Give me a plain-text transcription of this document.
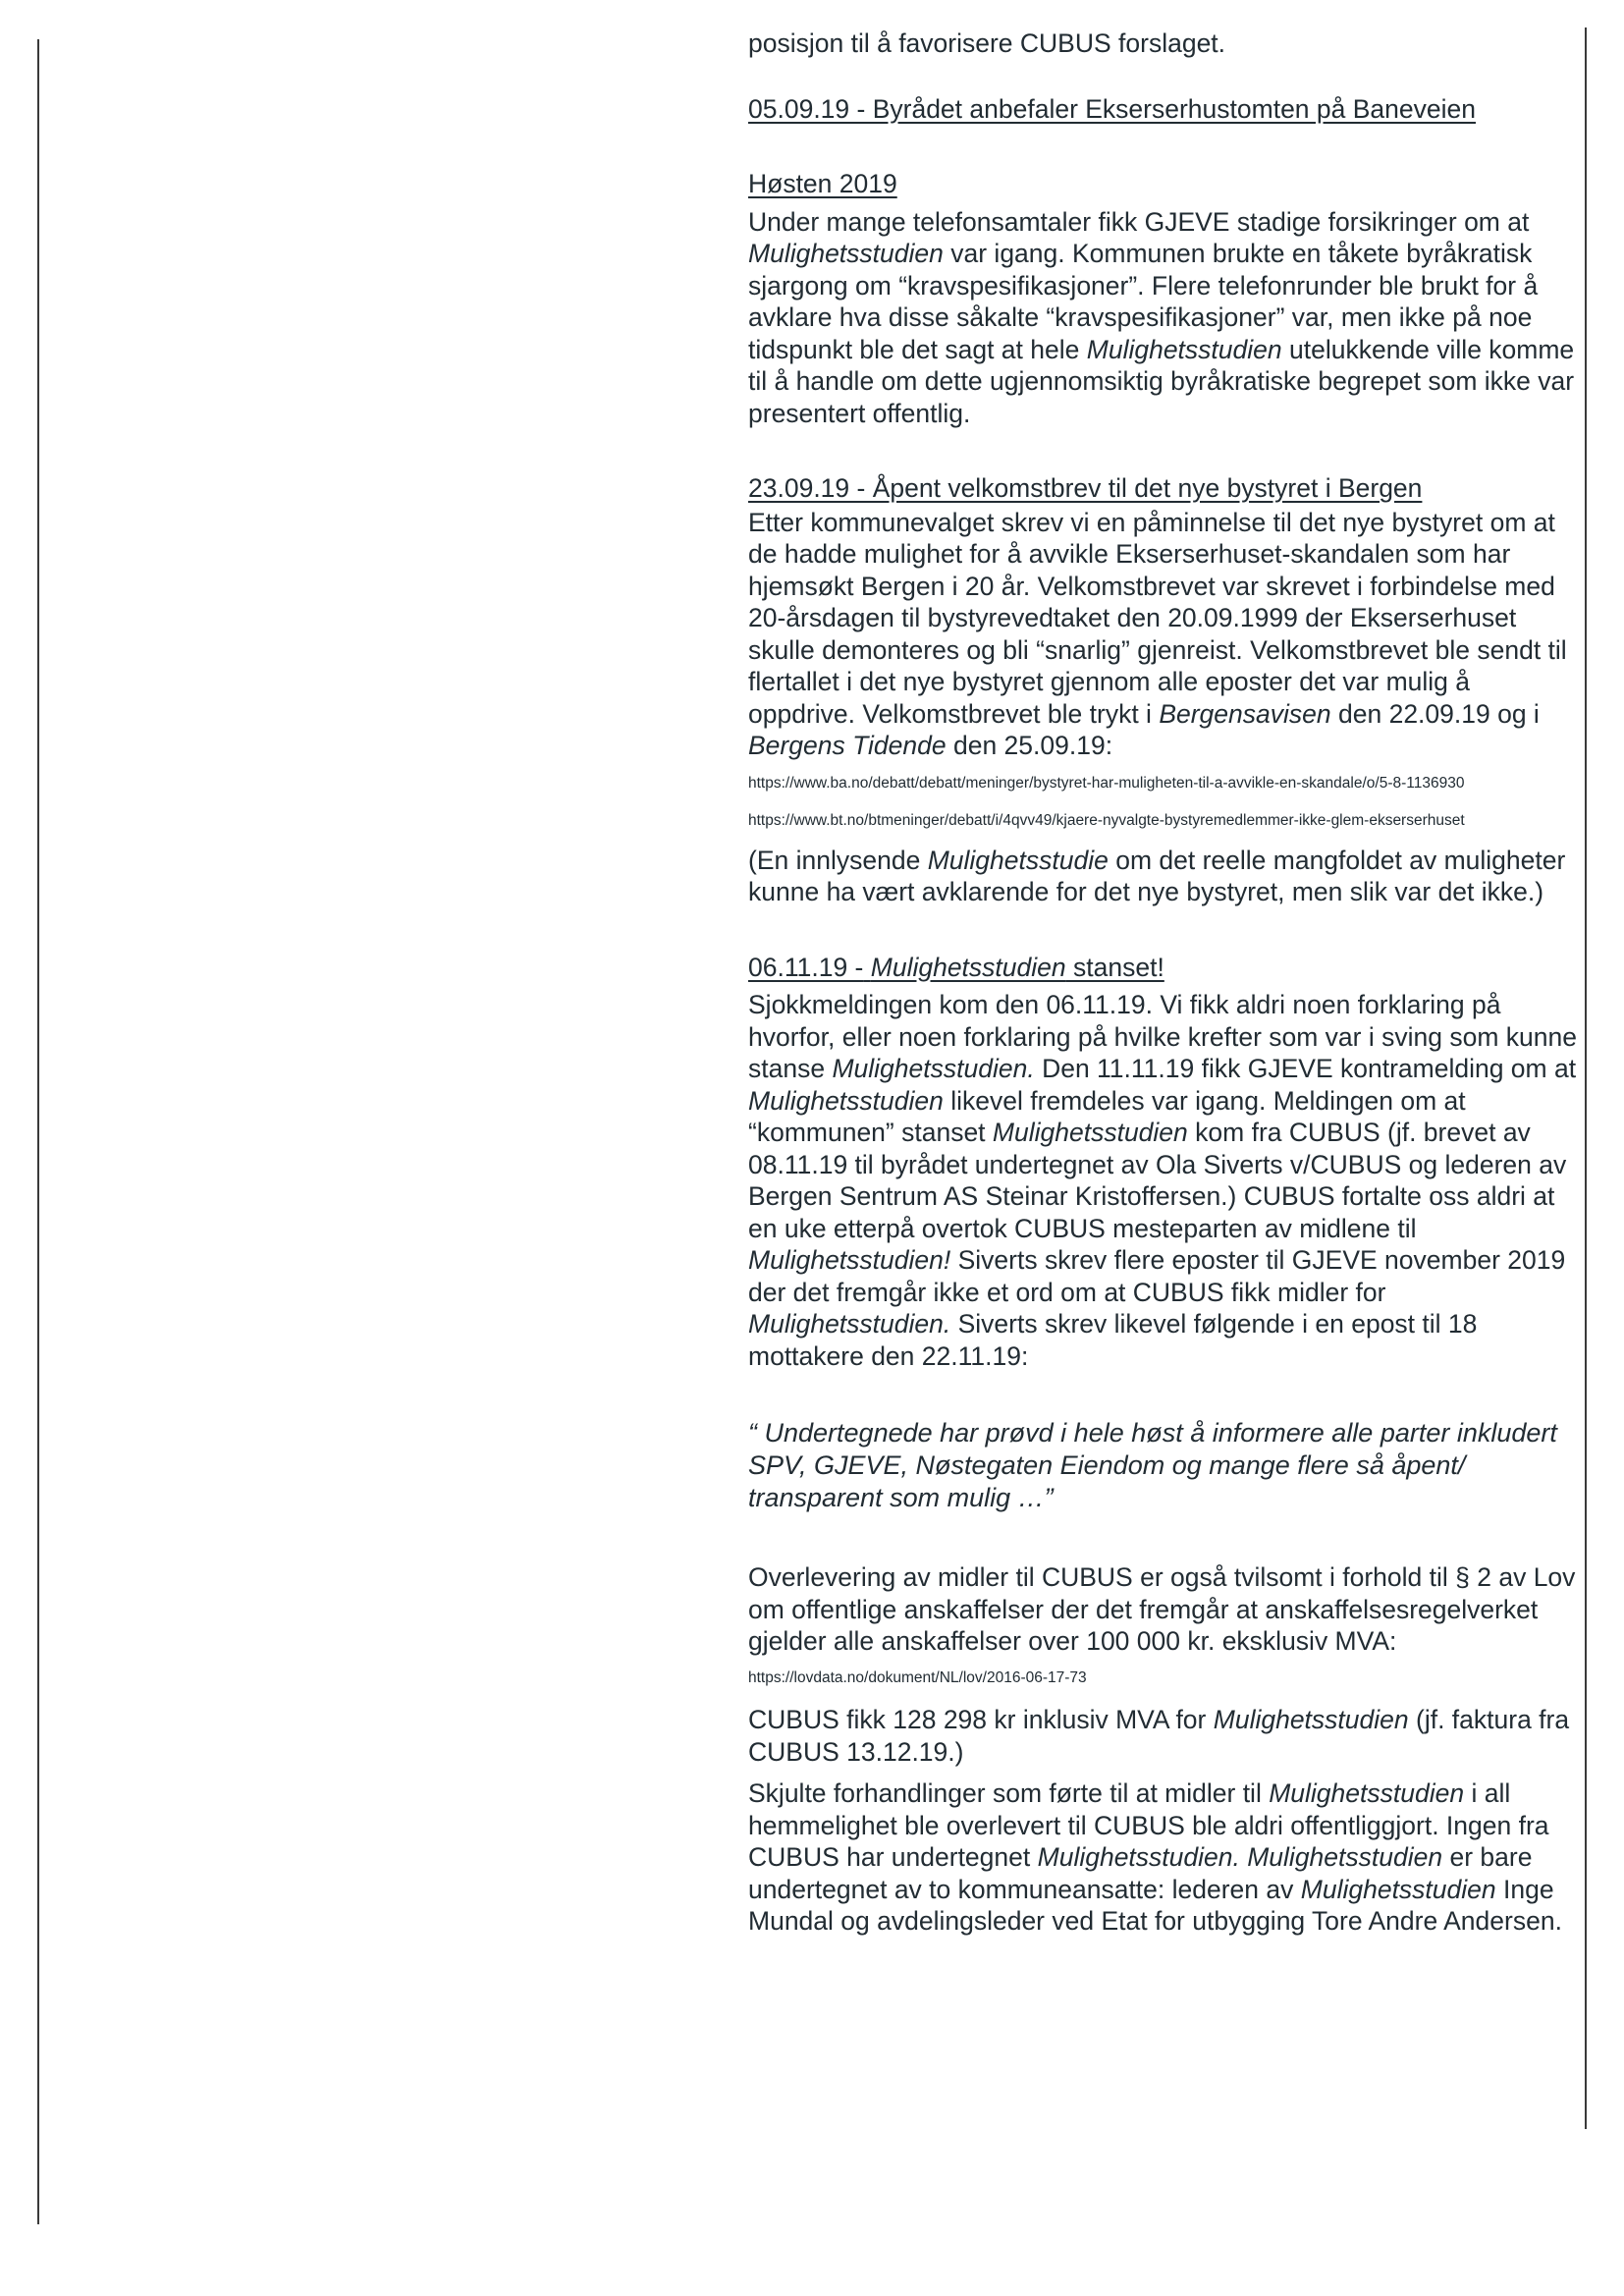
posisjon til å favorisere CUBUS forslaget.

05.09.19 - Byrådet anbefaler Ekserserhustomten på Baneveien

Høsten 2019

Under mange telefonsamtaler fikk GJEVE stadige forsikringer om at Mulighetsstudien var igang. Kommunen brukte en tåkete byråkratisk sjargong om “kravspesifikasjoner”. Flere telefonrunder ble brukt for å avklare hva disse såkalte “kravspesifikasjoner” var, men ikke på noe tidspunkt ble det sagt at hele Mulighetsstudien utelukkende ville komme til å handle om dette ugjennomsiktig byråkratiske begrepet som ikke var presentert offentlig.

23.09.19 - Åpent velkomstbrev til det nye bystyret i Bergen

Etter kommunevalget skrev vi en påminnelse til det nye bystyret om at de hadde mulighet for å avvikle Ekserserhuset-skandalen som har hjemsøkt Bergen i 20 år. Velkomstbrevet var skrevet i forbindelse med 20-årsdagen til bystyrevedtaket den 20.09.1999 der Ekserserhuset skulle demonteres og bli “snarlig” gjenreist. Velkomstbrevet ble sendt til flertallet i det nye bystyret gjennom alle eposter det var mulig å oppdrive. Velkomstbrevet ble trykt i Bergensavisen den 22.09.19 og i Bergens Tidende den 25.09.19:

https://www.ba.no/debatt/debatt/meninger/bystyret-har-muligheten-til-a-avvikle-en-skandale/o/5-8-1136930

https://www.bt.no/btmeninger/debatt/i/4qvv49/kjaere-nyvalgte-bystyremedlemmer-ikke-glem-ekserserhuset

(En innlysende Mulighetsstudie om det reelle mangfoldet av muligheter kunne ha vært avklarende for det nye bystyret, men slik var det ikke.)

06.11.19 - Mulighetsstudien stanset!

Sjokkmeldingen kom den 06.11.19. Vi fikk aldri noen forklaring på hvorfor, eller noen forklaring på hvilke krefter som var i sving som kunne stanse Mulighetsstudien. Den 11.11.19 fikk GJEVE kontramelding om at Mulighetsstudien likevel fremdeles var igang. Meldingen om at “kommunen” stanset Mulighetsstudien kom fra CUBUS (jf. brevet av 08.11.19 til byrådet undertegnet av Ola Siverts v/CUBUS og lederen av Bergen Sentrum AS Steinar Kristoffersen.) CUBUS fortalte oss aldri at en uke etterpå overtok CUBUS mesteparten av midlene til Mulighetsstudien! Siverts skrev flere eposter til GJEVE november 2019 der det fremgår ikke et ord om at CUBUS fikk midler for Mulighetsstudien. Siverts skrev likevel følgende i en epost til 18 mottakere den 22.11.19:

“ Undertegnede har prøvd i hele høst å informere alle parter inkludert SPV, GJEVE, Nøstegaten Eiendom og mange flere så åpent/ transparent som mulig …”

Overlevering av midler til CUBUS er også tvilsomt i forhold til § 2 av Lov om offentlige anskaffelser der det fremgår at anskaffelsesregelverket gjelder alle anskaffelser over 100 000 kr. eksklusiv MVA: https://lovdata.no/dokument/NL/lov/2016-06-17-73

CUBUS fikk 128 298 kr inklusiv MVA for Mulighetsstudien (jf. faktura fra CUBUS 13.12.19.)

Skjulte forhandlinger som førte til at midler til Mulighetsstudien i all hemmelighet ble overlevert til CUBUS ble aldri offentliggjort. Ingen fra CUBUS har undertegnet Mulighetsstudien. Mulighetsstudien er bare undertegnet av to kommuneansatte: lederen av Mulighetsstudien Inge Mundal og avdelingsleder ved Etat for utbygging Tore Andre Andersen.
